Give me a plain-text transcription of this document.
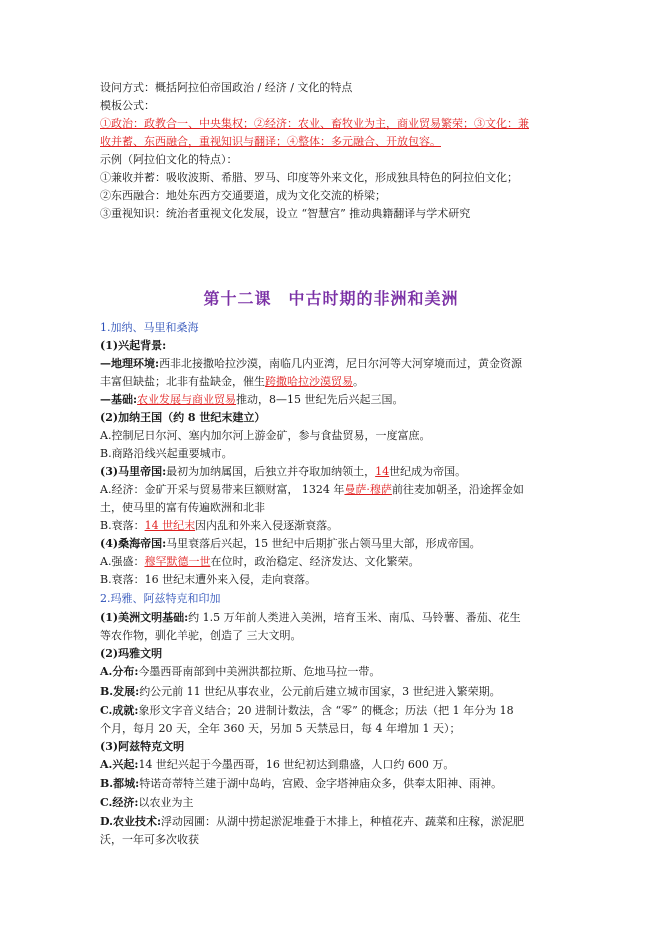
设问方式：概括阿拉伯帝国政治 / 经济 / 文化的特点
模板公式：
①政治：政教合一、中央集权；②经济：农业、畜牧业为主，商业贸易繁荣；③文化：兼
收并蓄、东西融合，重视知识与翻译；④整体：多元融合、开放包容。
示例（阿拉伯文化的特点）：
①兼收并蓄：吸收波斯、希腊、罗马、印度等外来文化，形成独具特色的阿拉伯文化；
②东西融合：地处东西方交通要道，成为文化交流的桥梁；
③重视知识：统治者重视文化发展，设立 “智慧宫” 推动典籍翻译与学术研究
第十二课　中古时期的非洲和美洲
1.加纳、马里和桑海
(1)兴起背景:
—地理环境:西非北接撒哈拉沙漠，南临几内亚湾，尼日尔河等大河穿境而过，黄金资源
丰富但缺盐；北非有盐缺金，催生跨撒哈拉沙漠贸易。
—基础:农业发展与商业贸易推动，8—15 世纪先后兴起三国。
(2)加纳王国（约 8 世纪末建立）
A.控制尼日尔河、塞内加尔河上游金矿，参与食盐贸易，一度富庶。
B.商路沿线兴起重要城市。
(3)马里帝国:最初为加纳属国，后独立并夺取加纳领土，14世纪成为帝国。
A.经济：金矿开采与贸易带来巨额财富， 1324 年曼萨·穆萨前往麦加朝圣，沿途挥金如
土，使马里的富有传遍欧洲和北非
B.衰落：14 世纪末因内乱和外来入侵逐渐衰落。
(4)桑海帝国:马里衰落后兴起，15 世纪中后期扩张占领马里大部，形成帝国。
A.强盛：穆罕默德一世在位时，政治稳定、经济发达、文化繁荣。
B.衰落：16 世纪末遭外来入侵，走向衰落。
2.玛雅、阿兹特克和印加
(1)美洲文明基础:约 1.5 万年前人类进入美洲，培育玉米、南瓜、马铃薯、番茄、花生
等农作物，驯化羊驼，创造了 三大文明。
(2)玛雅文明
A.分布:今墨西哥南部到中美洲洪都拉斯、危地马拉一带。
B.发展:约公元前 11 世纪从事农业，公元前后建立城市国家，3 世纪进入繁荣期。
C.成就:象形文字音义结合；20 进制计数法，含 “零” 的概念；历法（把 1 年分为 18
个月，每月 20 天，全年 360 天，另加 5 天禁忌日，每 4 年增加 1 天）；
(3)阿兹特克文明
A.兴起:14 世纪兴起于今墨西哥，16 世纪初达到鼎盛，人口约 600 万。
B.都城:特诺奇蒂特兰建于湖中岛屿，宫殿、金字塔神庙众多，供奉太阳神、雨神。
C.经济:以农业为主
D.农业技术:浮动园圃：从湖中捞起淤泥堆叠于木排上，种植花卉、蔬菜和庄稼，淤泥肥
沃，一年可多次收获
